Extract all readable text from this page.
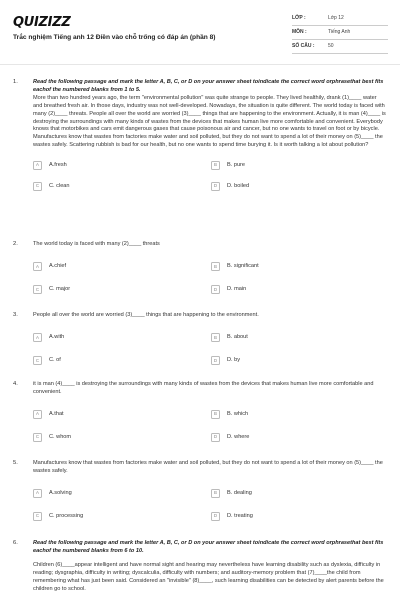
QUIZIZZ
Trắc nghiệm Tiếng anh 12 Điền vào chỗ trống có đáp án (phần 8)
LỚP :	Lớp 12
MÔN :	Tiếng Anh
SỐ CÂU :	50
1.	Read the following passage and mark the letter A, B, C, or D on your answer sheet toindicate the correct word orphrasethat best fits eachof the numbered blanks from 1 to 5.
More than two hundred years ago, the term "environmental pollution" was quite strange to people. They lived healthily, drank (1)____ water and breathed fresh air. In those days, industry was not well-developed. Nowadays, the situation is quite different. The world today is faced with many (2)____ threats. People all over the world are worried (3)____ things that are happening to the environment. Actually, it is man (4)____ is destroying the surroundings with many kinds of wastes from the devices that makes human live more comfortable and convenient. Everybody knows that motorbikes and cars emit dangerous gases that cause poisonous air and cancer, but no one wants to travel on foot or by bicycle. Manufactures know that wastes from factories make water and soil polluted, but they do not want to spend a lot of their money on (5)____ the wastes safely. Scattering rubbish is bad for our health, but no one wants to spend time burying it. Is it worth talking a lot about pollution?
A	A.fresh	B	B. pure
C	C. clean	D	D. boiled
2.	The world today is faced with many (2)____ threats
A	A.chief	B	B. significant
C	C. major	D	D. main
3.	People all over the world are worried (3)____ things that are happening to the environment.
A	A.with	B	B. about
C	C. of	D	D. by
4.	it is man (4)____ is destroying the surroundings with many kinds of wastes from the devices that makes human live more comfortable and convenient.
A	A.that	B	B. which
C	C. whom	D	D. where
5.	Manufactures know that wastes from factories make water and soil polluted, but they do not want to spend a lot of their money on (5)____ the wastes safely.
A	A.solving	B	B. dealing
C	C. processing	D	D. treating
6.	Read the following passage and mark the letter A, B, C, or D on your answer sheet toindicate the correct word orphrasethat best fits eachof the numbered blanks from 6 to 10.
Children (6)____appear intelligent and have normal sight and hearing may nevertheless have learning disability such as dyslexia, difficulty in reading; dysgraphia, difficulty in writing; dyscalculia, difficulty with numbers; and auditory-memory problem that (7)____the child from remembering what has just been said. Considered an "invisible" (8)____, such learning disabilities can be detected by alert parents before the children go to school.
